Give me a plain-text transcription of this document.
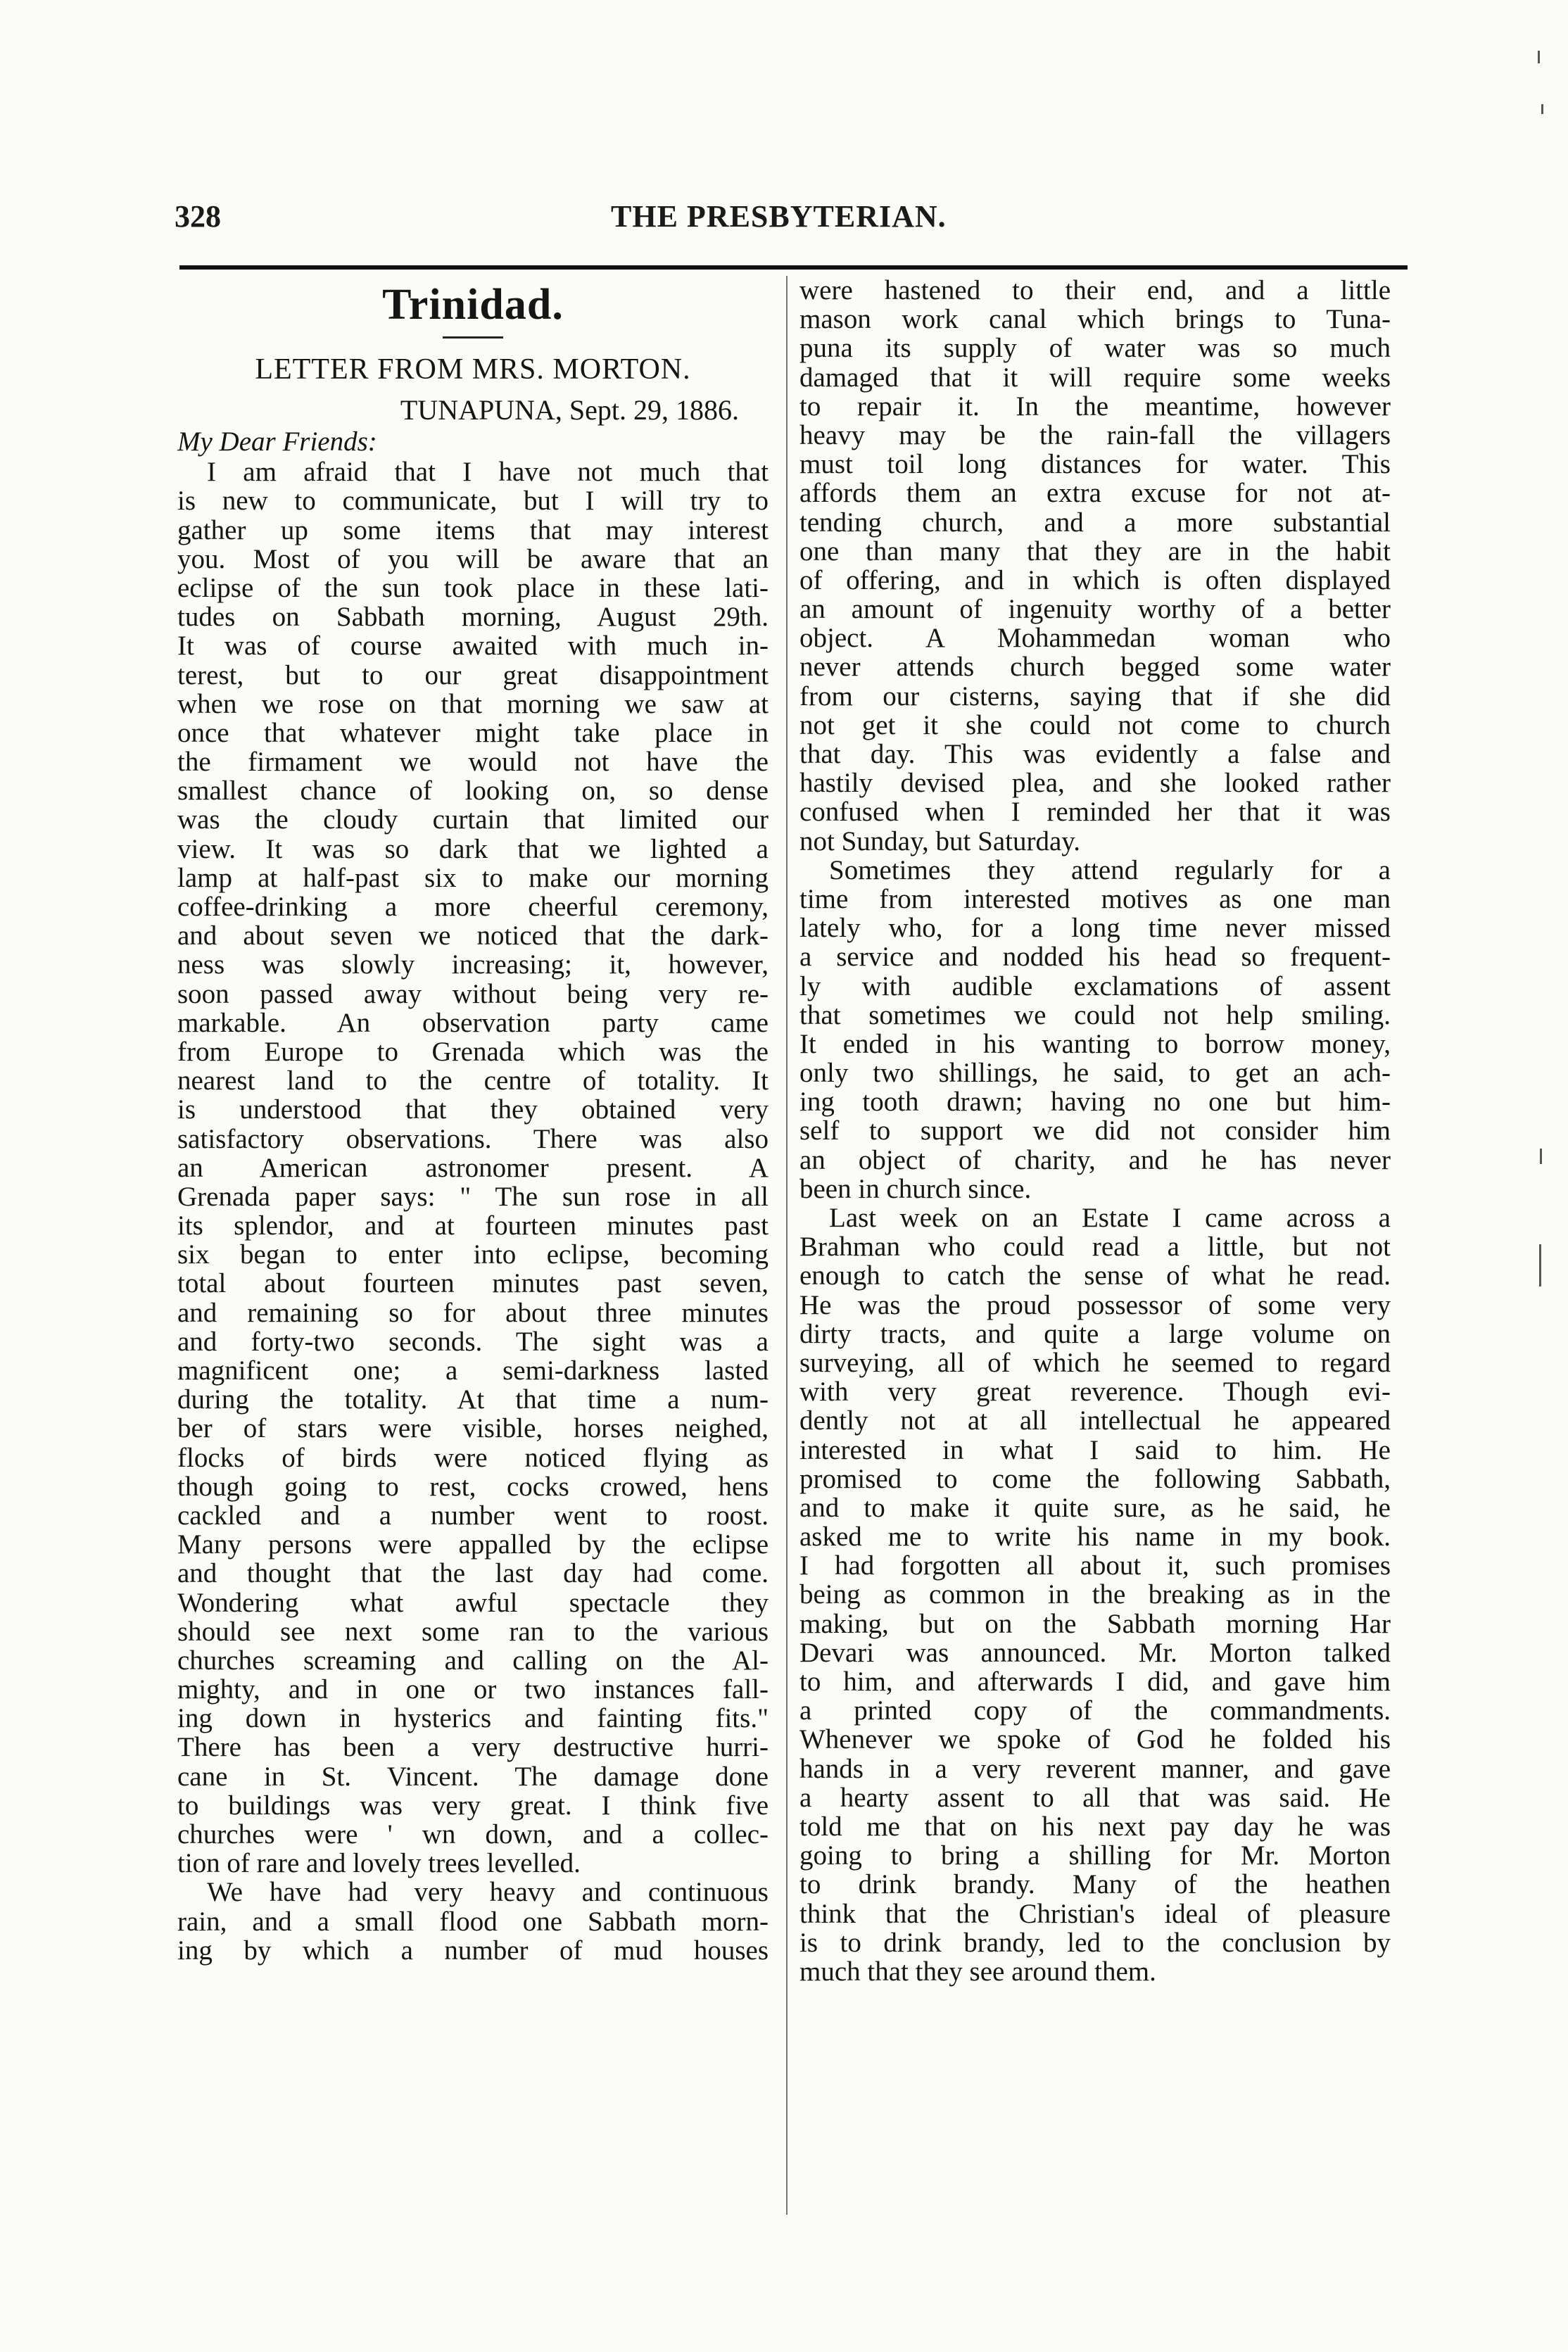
328	THE PRESBYTERIAN.
Trinidad.
LETTER FROM MRS. MORTON.
TUNAPUNA, Sept. 29, 1886.
My Dear Friends:
I am afraid that I have not much that
is new to communicate, but I will try to
gather up some items that may interest
you. Most of you will be aware that an
eclipse of the sun took place in these lati-
tudes on Sabbath morning, August 29th.
It was of course awaited with much in-
terest, but to our great disappointment
when we rose on that morning we saw at
once that whatever might take place in
the firmament we would not have the
smallest chance of looking on, so dense
was the cloudy curtain that limited our
view. It was so dark that we lighted a
lamp at half-past six to make our morning
coffee-drinking a more cheerful ceremony,
and about seven we noticed that the dark-
ness was slowly increasing; it, however,
soon passed away without being very re-
markable. An observation party came
from Europe to Grenada which was the
nearest land to the centre of totality. It
is understood that they obtained very
satisfactory observations. There was also
an American astronomer present. A
Grenada paper says: " The sun rose in all
its splendor, and at fourteen minutes past
six began to enter into eclipse, becoming
total about fourteen minutes past seven,
and remaining so for about three minutes
and forty-two seconds. The sight was a
magnificent one; a semi-darkness lasted
during the totality. At that time a num-
ber of stars were visible, horses neighed,
flocks of birds were noticed flying as
though going to rest, cocks crowed, hens
cackled and a number went to roost.
Many persons were appalled by the eclipse
and thought that the last day had come.
Wondering what awful spectacle they
should see next some ran to the various
churches screaming and calling on the Al-
mighty, and in one or two instances fall-
ing down in hysterics and fainting fits."
There has been a very destructive hurri-
cane in St. Vincent. The damage done
to buildings was very great. I think five
churches were ' wn down, and a collec-
tion of rare and lovely trees levelled.
We have had very heavy and continuous
rain, and a small flood one Sabbath morn-
ing by which a number of mud houses
were hastened to their end, and a little
mason work canal which brings to Tuna-
puna its supply of water was so much
damaged that it will require some weeks
to repair it. In the meantime, however
heavy may be the rain-fall the villagers
must toil long distances for water. This
affords them an extra excuse for not at-
tending church, and a more substantial
one than many that they are in the habit
of offering, and in which is often displayed
an amount of ingenuity worthy of a better
object. A Mohammedan woman who
never attends church begged some water
from our cisterns, saying that if she did
not get it she could not come to church
that day. This was evidently a false and
hastily devised plea, and she looked rather
confused when I reminded her that it was
not Sunday, but Saturday.
Sometimes they attend regularly for a
time from interested motives as one man
lately who, for a long time never missed
a service and nodded his head so frequent-
ly with audible exclamations of assent
that sometimes we could not help smiling.
It ended in his wanting to borrow money,
only two shillings, he said, to get an ach-
ing tooth drawn; having no one but him-
self to support we did not consider him
an object of charity, and he has never
been in church since.
Last week on an Estate I came across a
Brahman who could read a little, but not
enough to catch the sense of what he read.
He was the proud possessor of some very
dirty tracts, and quite a large volume on
surveying, all of which he seemed to regard
with very great reverence. Though evi-
dently not at all intellectual he appeared
interested in what I said to him. He
promised to come the following Sabbath,
and to make it quite sure, as he said, he
asked me to write his name in my book.
I had forgotten all about it, such promises
being as common in the breaking as in the
making, but on the Sabbath morning Har
Devari was announced. Mr. Morton talked
to him, and afterwards I did, and gave him
a printed copy of the commandments.
Whenever we spoke of God he folded his
hands in a very reverent manner, and gave
a hearty assent to all that was said. He
told me that on his next pay day he was
going to bring a shilling for Mr. Morton
to drink brandy. Many of the heathen
think that the Christian's ideal of pleasure
is to drink brandy, led to the conclusion by
much that they see around them.
